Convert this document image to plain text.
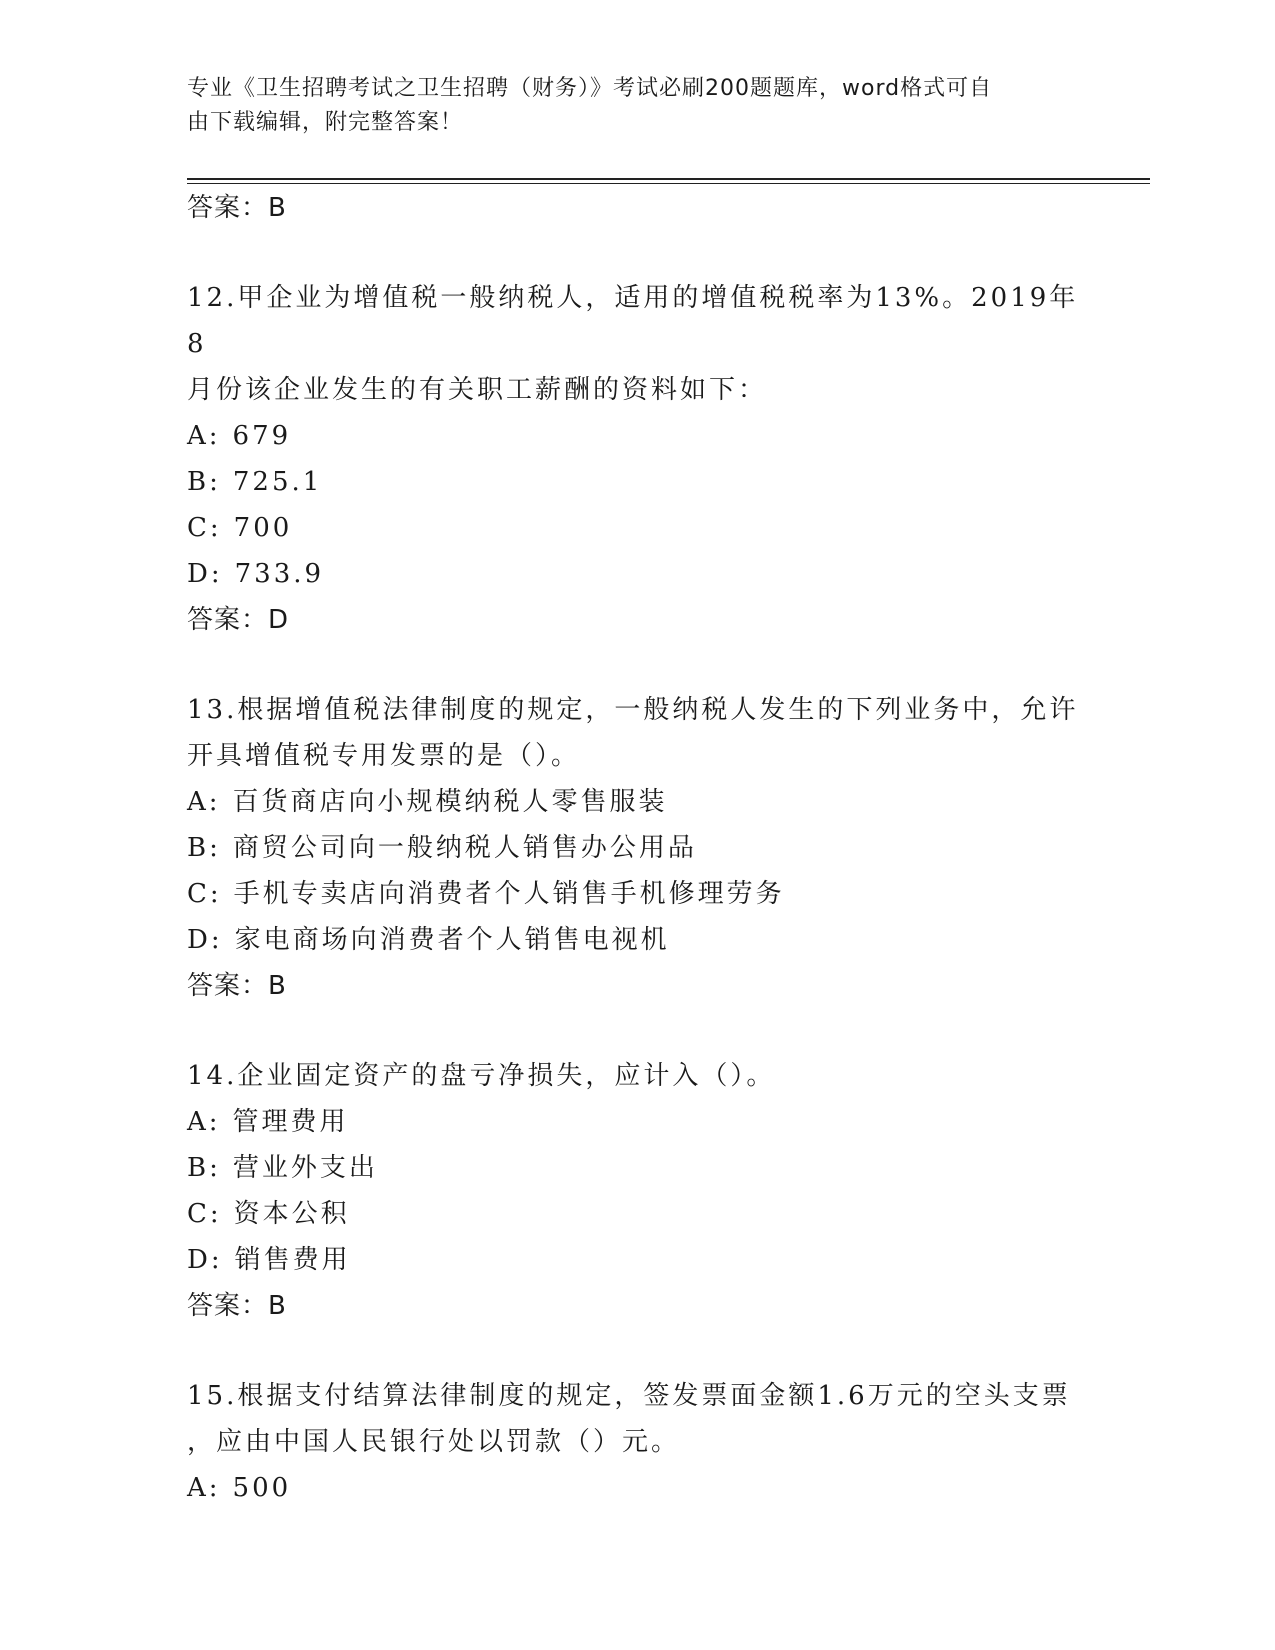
专业《卫生招聘考试之卫生招聘（财务）》考试必刷200题题库，word格式可自
由下载编辑，附完整答案！

答案：B

12.甲企业为增值税一般纳税人，适用的增值税税率为13%。2019年8

月份该企业发生的有关职工薪酬的资料如下：

A: 679

B: 725.1

C: 700

D: 733.9

答案：D

13.根据增值税法律制度的规定，一般纳税人发生的下列业务中，允许

开具增值税专用发票的是（）。

A: 百货商店向小规模纳税人零售服装

B: 商贸公司向一般纳税人销售办公用品

C: 手机专卖店向消费者个人销售手机修理劳务

D: 家电商场向消费者个人销售电视机

答案：B

14.企业固定资产的盘亏净损失，应计入（）。

A: 管理费用

B: 营业外支出

C: 资本公积

D: 销售费用

答案：B

15.根据支付结算法律制度的规定，签发票面金额1.6万元的空头支票

，应由中国人民银行处以罚款（）元。

A: 500
